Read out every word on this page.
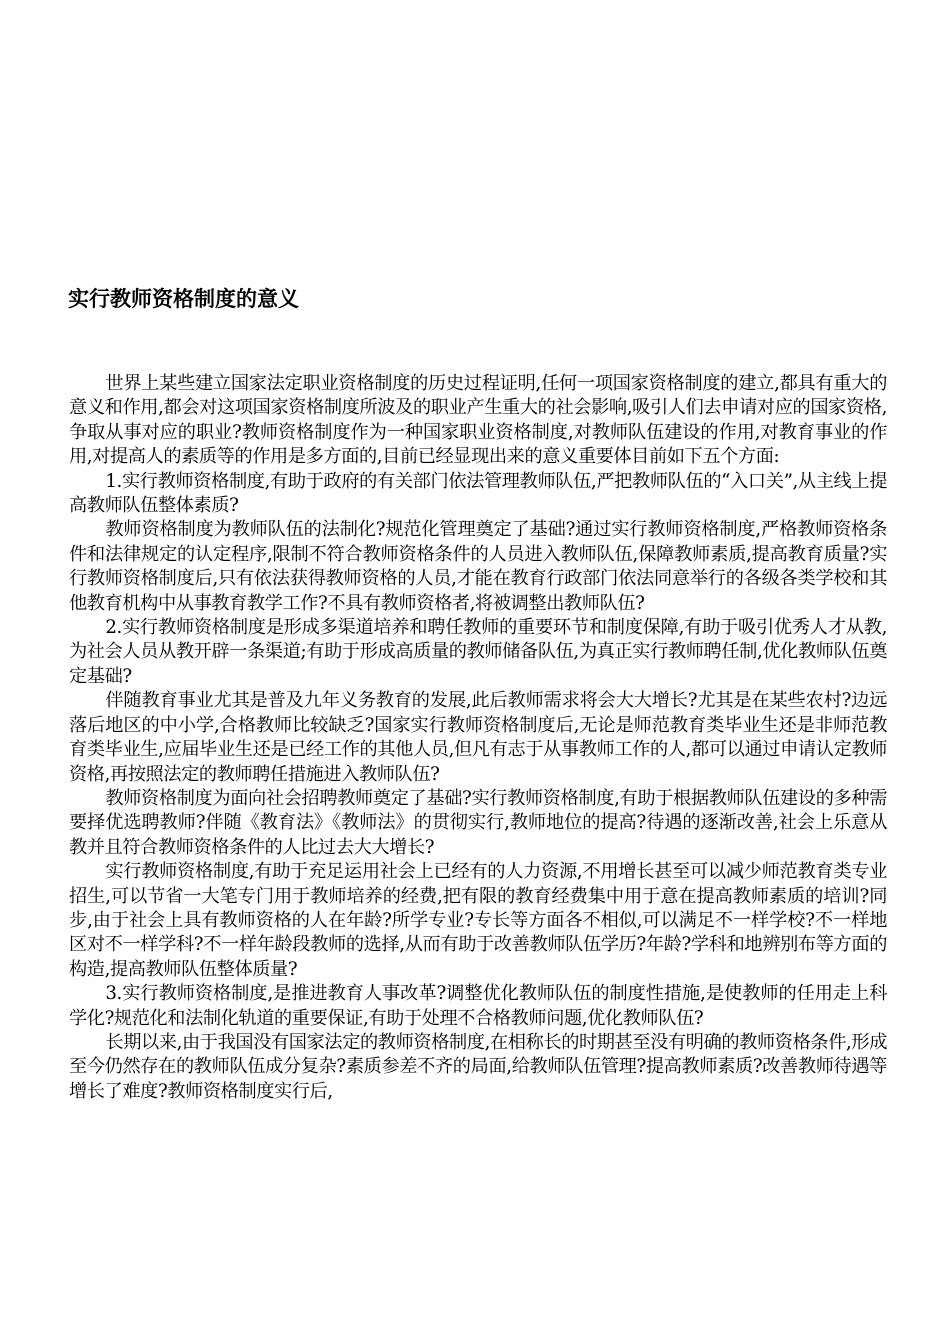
实行教师资格制度的意义

世界上某些建立国家法定职业资格制度的历史过程证明,任何一项国家资格制度的建立,都具有重大的意义和作用,都会对这项国家资格制度所波及的职业产生重大的社会影响,吸引人们去申请对应的国家资格,争取从事对应的职业?教师资格制度作为一种国家职业资格制度,对教师队伍建设的作用,对教育事业的作用,对提高人的素质等的作用是多方面的,目前已经显现出来的意义重要体目前如下五个方面:

1.实行教师资格制度,有助于政府的有关部门依法管理教师队伍,严把教师队伍的“入口关”,从主线上提高教师队伍整体素质?

教师资格制度为教师队伍的法制化?规范化管理奠定了基础?通过实行教师资格制度,严格教师资格条件和法律规定的认定程序,限制不符合教师资格条件的人员进入教师队伍,保障教师素质,提高教育质量?实行教师资格制度后,只有依法获得教师资格的人员,才能在教育行政部门依法同意举行的各级各类学校和其他教育机构中从事教育教学工作?不具有教师资格者,将被调整出教师队伍?

2.实行教师资格制度是形成多渠道培养和聘任教师的重要环节和制度保障,有助于吸引优秀人才从教,为社会人员从教开辟一条渠道;有助于形成高质量的教师储备队伍,为真正实行教师聘任制,优化教师队伍奠定基础?

伴随教育事业尤其是普及九年义务教育的发展,此后教师需求将会大大增长?尤其是在某些农村?边远落后地区的中小学,合格教师比较缺乏?国家实行教师资格制度后,无论是师范教育类毕业生还是非师范教育类毕业生,应届毕业生还是已经工作的其他人员,但凡有志于从事教师工作的人,都可以通过申请认定教师资格,再按照法定的教师聘任措施进入教师队伍?

教师资格制度为面向社会招聘教师奠定了基础?实行教师资格制度,有助于根据教师队伍建设的多种需要择优选聘教师?伴随《教育法》《教师法》的贯彻实行,教师地位的提高?待遇的逐渐改善,社会上乐意从教并且符合教师资格条件的人比过去大大增长?

实行教师资格制度,有助于充足运用社会上已经有的人力资源,不用增长甚至可以减少师范教育类专业招生,可以节省一大笔专门用于教师培养的经费,把有限的教育经费集中用于意在提高教师素质的培训?同步,由于社会上具有教师资格的人在年龄?所学专业?专长等方面各不相似,可以满足不一样学校?不一样地区对不一样学科?不一样年龄段教师的选择,从而有助于改善教师队伍学历?年龄?学科和地辨别布等方面的构造,提高教师队伍整体质量?

3.实行教师资格制度,是推进教育人事改革?调整优化教师队伍的制度性措施,是使教师的任用走上科学化?规范化和法制化轨道的重要保证,有助于处理不合格教师问题,优化教师队伍?

长期以来,由于我国没有国家法定的教师资格制度,在相称长的时期甚至没有明确的教师资格条件,形成至今仍然存在的教师队伍成分复杂?素质参差不齐的局面,给教师队伍管理?提高教师素质?改善教师待遇等增长了难度?教师资格制度实行后,
